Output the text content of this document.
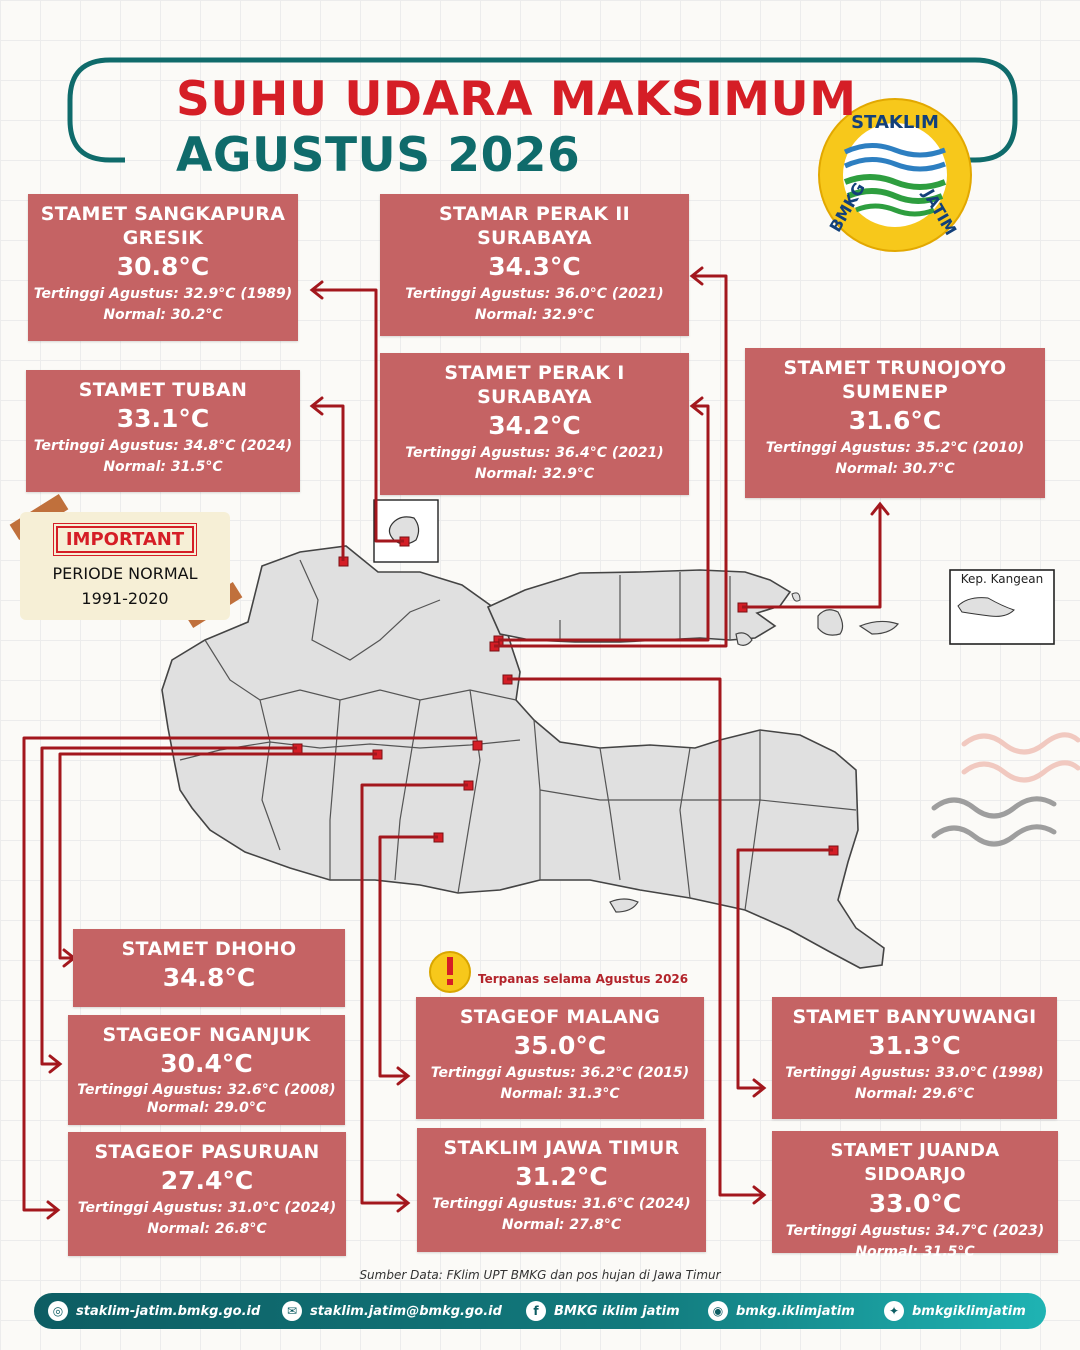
STAKLIM
JATIM
BMKG
Kep. Kangean
SUHU UDARA MAKSIMUM
AGUSTUS 2026
IMPORTANT
PERIODE NORMAL
1991-2020
STAMET SANGKAPURA
GRESIK
30.8°C
Tertinggi Agustus: 32.9°C (1989)
Normal: 30.2°C
STAMAR PERAK II
SURABAYA
34.3°C
Tertinggi Agustus: 36.0°C (2021)
Normal: 32.9°C
STAMET TUBAN
33.1°C
Tertinggi Agustus: 34.8°C (2024)
Normal: 31.5°C
STAMET PERAK I
SURABAYA
34.2°C
Tertinggi Agustus: 36.4°C (2021)
Normal: 32.9°C
STAMET TRUNOJOYO
SUMENEP
31.6°C
Tertinggi Agustus: 35.2°C (2010)
Normal: 30.7°C
STAMET DHOHO
34.8°C
STAGEOF NGANJUK
30.4°C
Tertinggi Agustus: 32.6°C (2008)
Normal: 29.0°C
STAGEOF PASURUAN
27.4°C
Tertinggi Agustus: 31.0°C (2024)
Normal: 26.8°C
Terpanas selama Agustus 2026
STAGEOF MALANG
35.0°C
Tertinggi Agustus: 36.2°C (2015)
Normal: 31.3°C
STAKLIM JAWA TIMUR
31.2°C
Tertinggi Agustus: 31.6°C (2024)
Normal: 27.8°C
STAMET BANYUWANGI
31.3°C
Tertinggi Agustus: 33.0°C (1998)
Normal: 29.6°C
STAMET JUANDA SIDOARJO
33.0°C
Tertinggi Agustus: 34.7°C (2023)
Normal: 31.5°C
Sumber Data: FKlim UPT BMKG dan pos hujan di Jawa Timur
◎ staklim-jatim.bmkg.go.id	✉ staklim.jatim@bmkg.go.id	f	BMKG iklim jatim	◉ bmkg.iklimjatim	✦ bmkgiklimjatim
